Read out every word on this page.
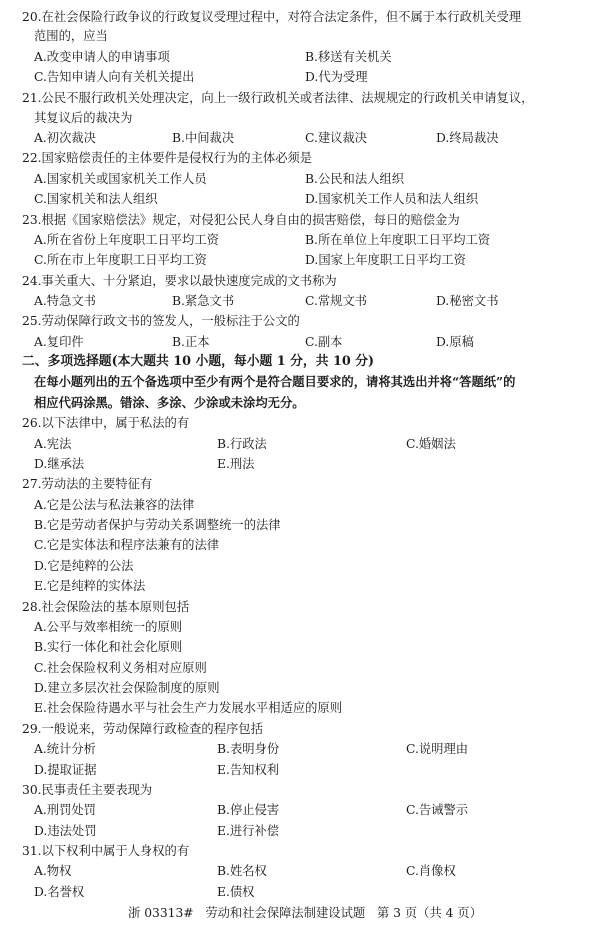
二、多项选择题(本大题共 10 小题，每小题 1 分，共 10 分)
在每小题列出的五个备选项中至少有两个是符合题目要求的，请将其选出并将“答题纸”的
相应代码涂黑。错涂、多涂、少涂或未涂均无分。
浙 03313#   劳动和社会保障法制建设试题   第 3 页（共 4 页）
20.在社会保险行政争议的行政复议受理过程中，对符合法定条件，但不属于本行政机关受理
范围的，应当
A.改变申请人的申请事项	B.移送有关机关
C.告知申请人向有关机关提出	D.代为受理
21.公民不服行政机关处理决定，向上一级行政机关或者法律、法规规定的行政机关申请复议，
其复议后的裁决为
A.初次裁决	B.中间裁决	C.建议裁决	D.终局裁决
22.国家赔偿责任的主体要件是侵权行为的主体必须是
A.国家机关或国家机关工作人员	B.公民和法人组织
C.国家机关和法人组织	D.国家机关工作人员和法人组织
23.根据《国家赔偿法》规定，对侵犯公民人身自由的损害赔偿，每日的赔偿金为
A.所在省份上年度职工日平均工资	B.所在单位上年度职工日平均工资
C.所在市上年度职工日平均工资	D.国家上年度职工日平均工资
24.事关重大、十分紧迫，要求以最快速度完成的文书称为
A.特急文书	B.紧急文书	C.常规文书	D.秘密文书
25.劳动保障行政文书的签发人，一般标注于公文的
A.复印件	B.正本	C.副本	D.原稿
26.以下法律中，属于私法的有
A.宪法	B.行政法	C.婚姻法
D.继承法	E.刑法
27.劳动法的主要特征有
A.它是公法与私法兼容的法律
B.它是劳动者保护与劳动关系调整统一的法律
C.它是实体法和程序法兼有的法律
D.它是纯粹的公法
E.它是纯粹的实体法
28.社会保险法的基本原则包括
A.公平与效率相统一的原则
B.实行一体化和社会化原则
C.社会保险权利义务相对应原则
D.建立多层次社会保险制度的原则
E.社会保险待遇水平与社会生产力发展水平相适应的原则
29.一般说来，劳动保障行政检查的程序包括
A.统计分析	B.表明身份	C.说明理由
D.提取证据	E.告知权利
30.民事责任主要表现为
A.刑罚处罚	B.停止侵害	C.告诫警示
D.违法处罚	E.进行补偿
31.以下权利中属于人身权的有
A.物权	B.姓名权	C.肖像权
D.名誉权	E.债权
